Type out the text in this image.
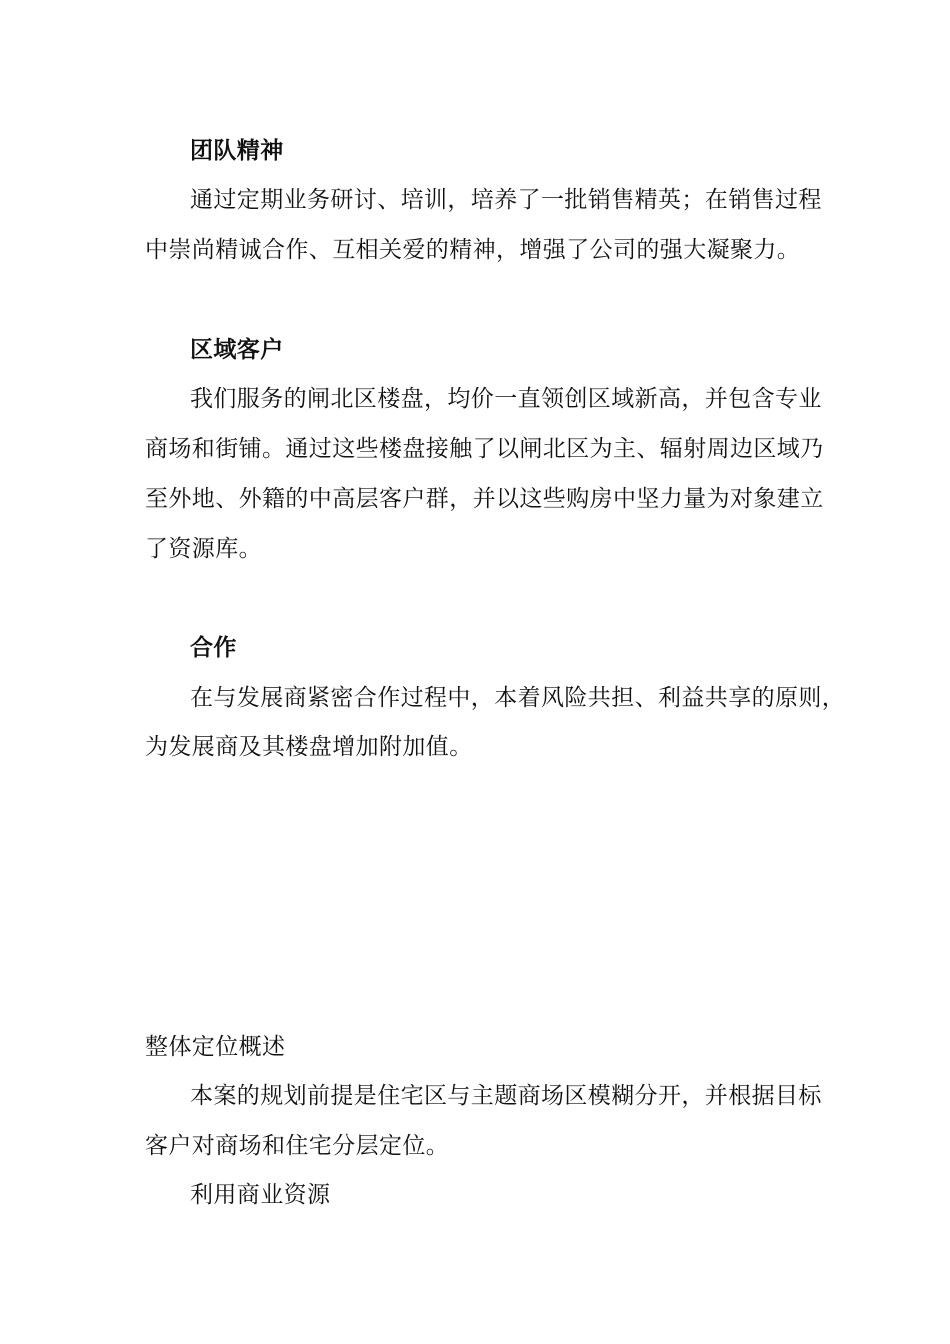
团队精神
通过定期业务研讨、培训，培养了一批销售精英；在销售过程
中崇尚精诚合作、互相关爱的精神，增强了公司的强大凝聚力。
区域客户
我们服务的闸北区楼盘，均价一直领创区域新高，并包含专业
商场和街铺。通过这些楼盘接触了以闸北区为主、辐射周边区域乃
至外地、外籍的中高层客户群，并以这些购房中坚力量为对象建立
了资源库。
合作
在与发展商紧密合作过程中，本着风险共担、利益共享的原则，
为发展商及其楼盘增加附加值。
整体定位概述
本案的规划前提是住宅区与主题商场区模糊分开，并根据目标
客户对商场和住宅分层定位。
利用商业资源
